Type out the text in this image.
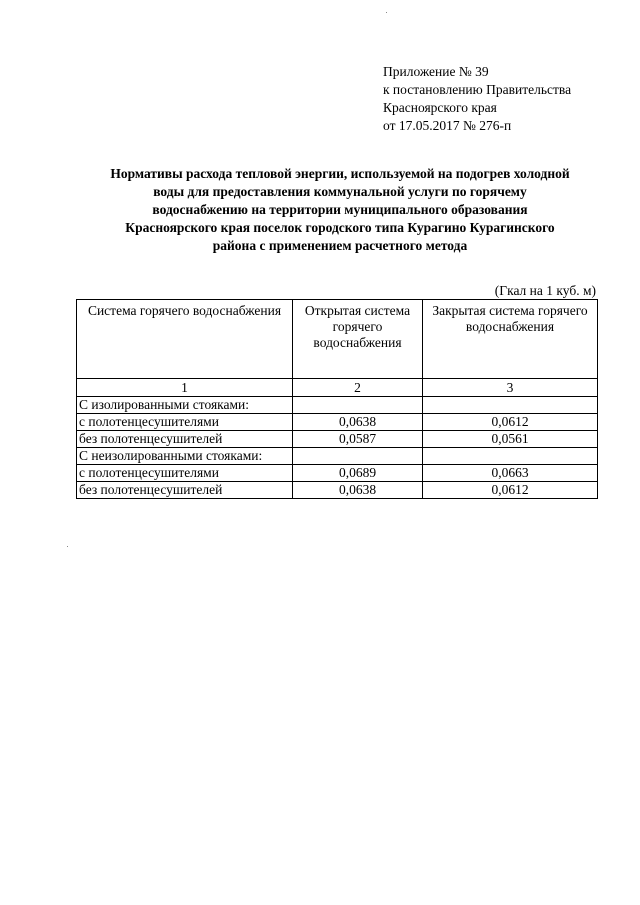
Приложение № 39
к постановлению Правительства
Красноярского края
от 17.05.2017 № 276-п
Нормативы расхода тепловой энергии, используемой на подогрев холодной
воды для предоставления коммунальной услуги по горячему
водоснабжению на территории муниципального образования
Красноярского края поселок городского типа Курагино Курагинского
района с применением расчетного метода
(Гкал на 1 куб. м)
Система горячего водоснабжения	Открытая система горячего водоснабжения	Закрытая система горячего водоснабжения
1	2	3
С изолированными стояками:		
с полотенцесушителями	0,0638	0,0612
без полотенцесушителей	0,0587	0,0561
С неизолированными стояками:		
с полотенцесушителями	0,0689	0,0663
без полотенцесушителей	0,0638	0,0612
